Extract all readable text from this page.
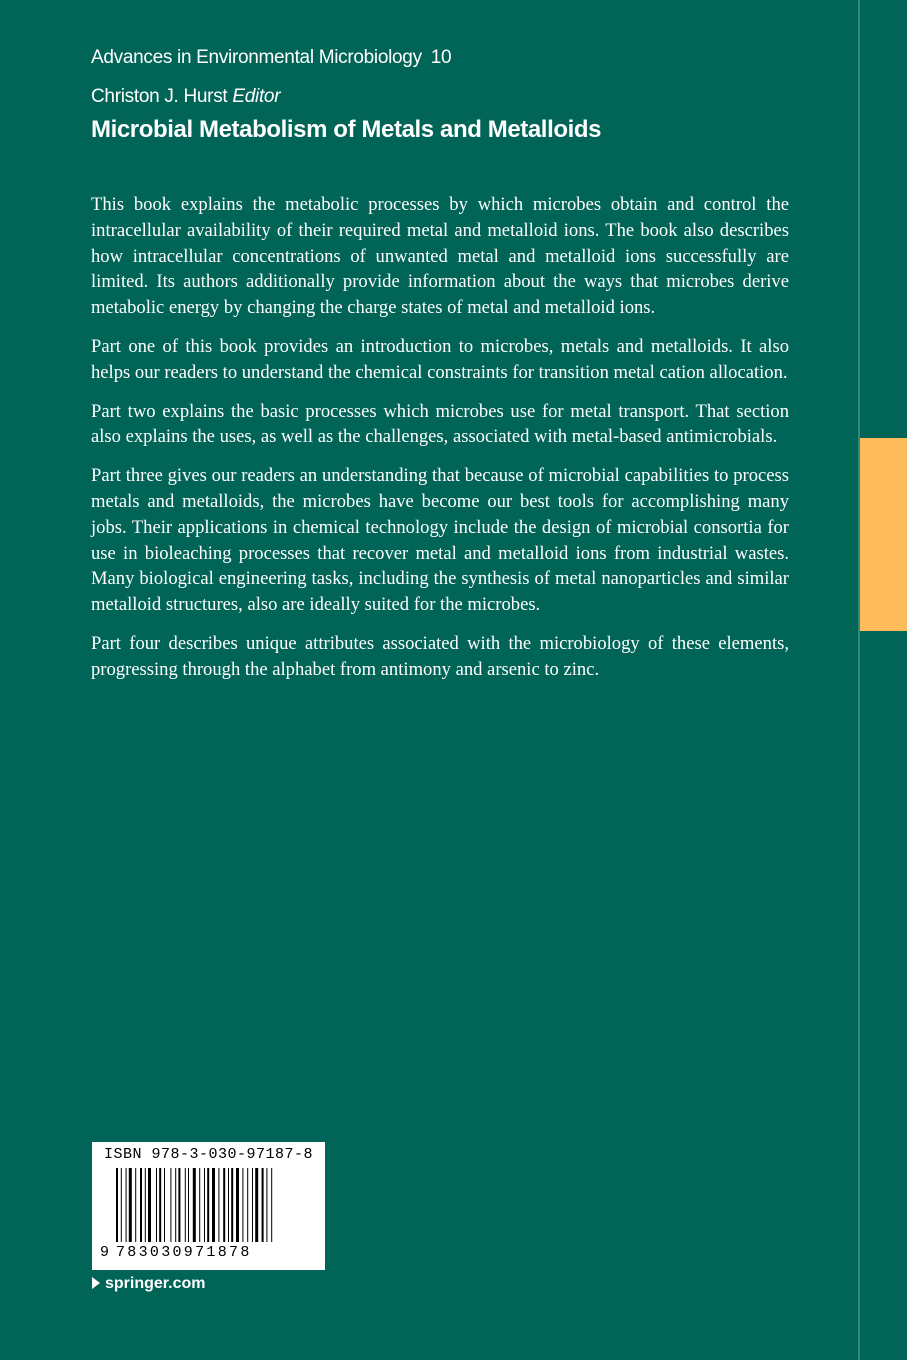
Advances in Environmental Microbiology 10
Christon J. Hurst Editor
Microbial Metabolism of Metals and Metalloids

This book explains the metabolic processes by which microbes obtain and control the intracellular availability of their required metal and metalloid ions. The book also describes how intracellular concentrations of unwanted metal and metalloid ions successfully are limited. Its authors additionally provide information about the ways that microbes derive metabolic energy by changing the charge states of metal and metalloid ions.

Part one of this book provides an introduction to microbes, metals and metalloids. It also helps our readers to understand the chemical constraints for transition metal cation allocation.

Part two explains the basic processes which microbes use for metal transport. That section also explains the uses, as well as the challenges, associated with metal-based antimicrobials.

Part three gives our readers an understanding that because of microbial capabilities to process metals and metalloids, the microbes have become our best tools for accomplishing many jobs. Their applications in chemical technology include the design of microbial consortia for use in bioleaching processes that recover metal and metalloid ions from industrial wastes. Many biological engineering tasks, including the synthesis of metal nanoparticles and similar metalloid structures, also are ideally suited for the microbes.

Part four describes unique attributes associated with the microbiology of these elements, progressing through the alphabet from antimony and arsenic to zinc.

ISBN 978-3-030-97187-8
9 783030971878
springer.com
